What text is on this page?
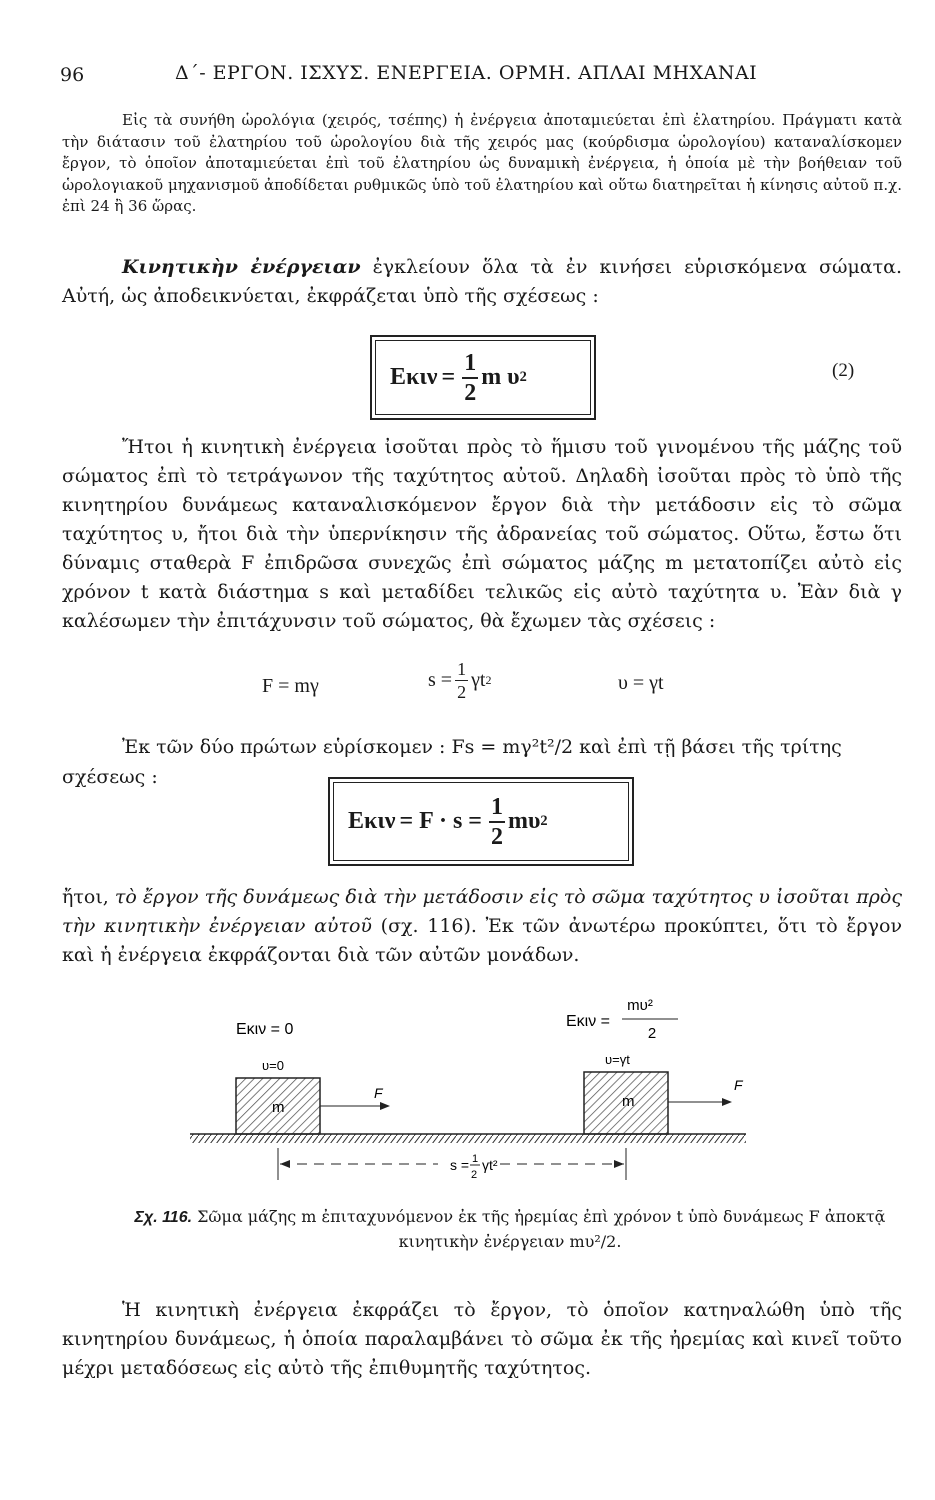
96	Δ΄- ΕΡΓΟΝ. ΙΣΧΥΣ. ΕΝΕΡΓΕΙΑ. ΟΡΜΗ. ΑΠΛΑΙ ΜΗΧΑΝΑΙ

Εἰς τὰ συνήθη ὡρολόγια (χειρός, τσέπης) ἡ ἐνέργεια ἀποταμιεύεται ἐπὶ ἐλατηρίου. Πράγματι κατὰ τὴν διάτασιν τοῦ ἐλατηρίου τοῦ ὡρολογίου διὰ τῆς χειρός μας (κούρδισμα ὡρολογίου) καταναλίσκομεν ἔργον, τὸ ὁποῖον ἀποταμιεύεται ἐπὶ τοῦ ἐλατηρίου ὡς δυναμικὴ ἐνέργεια, ἡ ὁποία μὲ τὴν βοήθειαν τοῦ ὡρολογιακοῦ μηχανισμοῦ ἀποδίδεται ρυθμικῶς ὑπὸ τοῦ ἐλατηρίου καὶ οὕτω διατηρεῖται ἡ κίνησις αὐτοῦ π.χ. ἐπὶ 24 ἢ 36 ὥρας.

Κινητικὴν ἐνέργειαν ἐγκλείουν ὅλα τὰ ἐν κινήσει εὑρισκόμενα σώματα. Αὐτή, ὡς ἀποδεικνύεται, ἐκφράζεται ὑπὸ τῆς σχέσεως :

$E\kappa\iota\nu = \frac{1}{2}$ m υ 2	(2)

Ἤτοι ἡ κινητικὴ ἐνέργεια ἰσοῦται πρὸς τὸ ἥμισυ τοῦ γινομένου τῆς μάζης τοῦ σώματος ἐπὶ τὸ τετράγωνον τῆς ταχύτητος αὐτοῦ. Δηλαδὴ ἰσοῦται πρὸς τὸ ὑπὸ τῆς κινητηρίου δυνάμεως καταναλισκόμενον ἔργον διὰ τὴν μετάδοσιν εἰς τὸ σῶμα ταχύτητος υ, ἤτοι διὰ τὴν ὑπερνίκησιν τῆς ἀδρανείας τοῦ σώματος. Οὕτω, ἔστω ὅτι δύναμις σταθερὰ F ἐπιδρῶσα συνεχῶς ἐπὶ σώματος μάζης m μετατοπίζει αὐτὸ εἰς χρόνον t κατὰ διάστημα s καὶ μεταδίδει τελικῶς εἰς αὐτὸ ταχύτητα υ. Ἐὰν διὰ γ καλέσωμεν τὴν ἐπιτάχυνσιν τοῦ σώματος, θὰ ἔχωμεν τὰς σχέσεις :

F = mγ	$s = \frac{1}{2}$ γt 2	υ = γt

Ἐκ τῶν δύο πρώτων εὑρίσκομεν : Fs = mγ²t²/2 καὶ ἐπὶ τῇ βάσει τῆς τρίτης

σχέσεως :

$E\kappa\iota\nu = F \cdot s = \frac{1}{2}$ mυ 2

ἤτοι, τὸ ἔργον τῆς δυνάμεως διὰ τὴν μετάδοσιν εἰς τὸ σῶμα ταχύτητος υ ἰσοῦται πρὸς τὴν κινητικὴν ἐνέργειαν αὐτοῦ (σχ. 116). Ἐκ τῶν ἀνωτέρω προκύπτει, ὅτι τὸ ἔργον καὶ ἡ ἐνέργεια ἐκφράζονται διὰ τῶν αὐτῶν μονάδων.

Eκιν = 0
υ=0
Eκιν =
mυ²
2
υ=γt
m
F	m
F
s = 1
2
γt²

Σχ. 116. Σῶμα μάζης m ἐπιταχυνόμενον ἐκ τῆς ἠρεμίας ἐπὶ χρόνον t ὑπὸ δυνάμεως F ἀποκτᾷ κινητικὴν ἐνέργειαν mυ²/2.

Ἡ κινητικὴ ἐνέργεια ἐκφράζει τὸ ἔργον, τὸ ὁποῖον κατηναλώθη ὑπὸ τῆς κινητηρίου δυνάμεως, ἡ ὁποία παραλαμβάνει τὸ σῶμα ἐκ τῆς ἠρεμίας καὶ κινεῖ τοῦτο μέχρι μεταδόσεως εἰς αὐτὸ τῆς ἐπιθυμητῆς ταχύτητος.
